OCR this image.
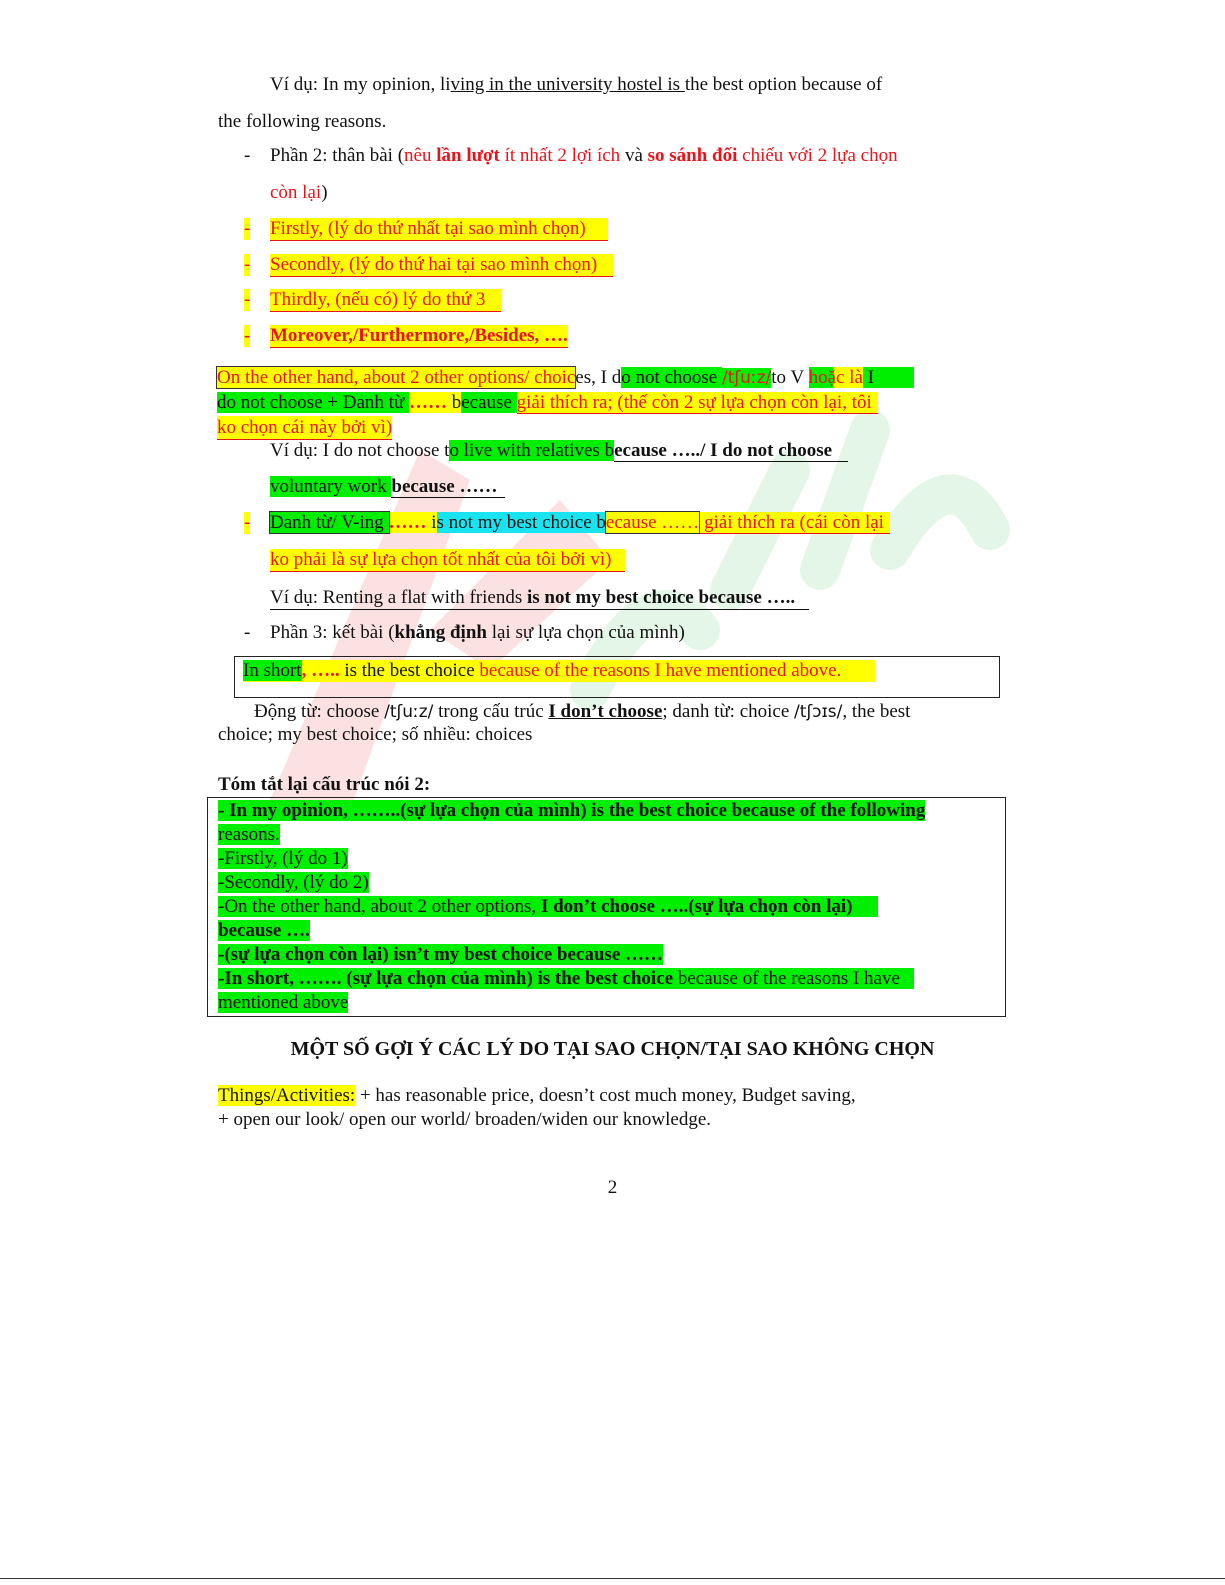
Ví dụ: In my opinion, living in the university hostel is the best option because of
the following reasons.
- Phần 2: thân bài (nêu lần lượt ít nhất 2 lợi ích và so sánh đối chiếu với 2 lựa chọn
còn lại)
- Firstly, (lý do thứ nhất tại sao mình chọn)
- Secondly, (lý do thứ hai tại sao mình chọn)
- Thirdly, (nếu có) lý do thứ 3
- Moreover,/Furthermore,/Besides, ….
On the other hand, about 2 other options/ choices, I do not choose /tʃuːz/to V hoặc là I
do not choose + Danh từ …… because giải thích ra; (thế còn 2 sự lựa chọn còn lại, tôi
ko chọn cái này bởi vì)
Ví dụ: I do not choose to live with relatives because …../ I do not choose
voluntary work because ……
- Danh từ/ V-ing …… is not my best choice because …… giải thích ra (cái còn lại
ko phải là sự lựa chọn tốt nhất của tôi bởi vì)
Ví dụ: Renting a flat with friends is not my best choice because …..
- Phần 3: kết bài (khẳng định lại sự lựa chọn của mình)
In short, ….. is the best choice because of the reasons I have mentioned above.
Động từ: choose /tʃuːz/ trong cấu trúc I don’t choose; danh từ: choice /tʃɔɪs/, the best
choice; my best choice; số nhiều: choices
Tóm tắt lại cấu trúc nói 2:
- In my opinion, ……..(sự lựa chọn của mình) is the best choice because of the following
reasons.
-Firstly, (lý do 1)
-Secondly, (lý do 2)
-On the other hand, about 2 other options, I don’t choose …..(sự lựa chọn còn lại)
because ….
-(sự lựa chọn còn lại) isn’t my best choice because ……
-In short, ……. (sự lựa chọn của mình) is the best choice because of the reasons I have
mentioned above
MỘT SỐ GỢI Ý CÁC LÝ DO TẠI SAO CHỌN/TẠI SAO KHÔNG CHỌN
Things/Activities: + has reasonable price, doesn’t cost much money, Budget saving,
+ open our look/ open our world/ broaden/widen our knowledge.
2
